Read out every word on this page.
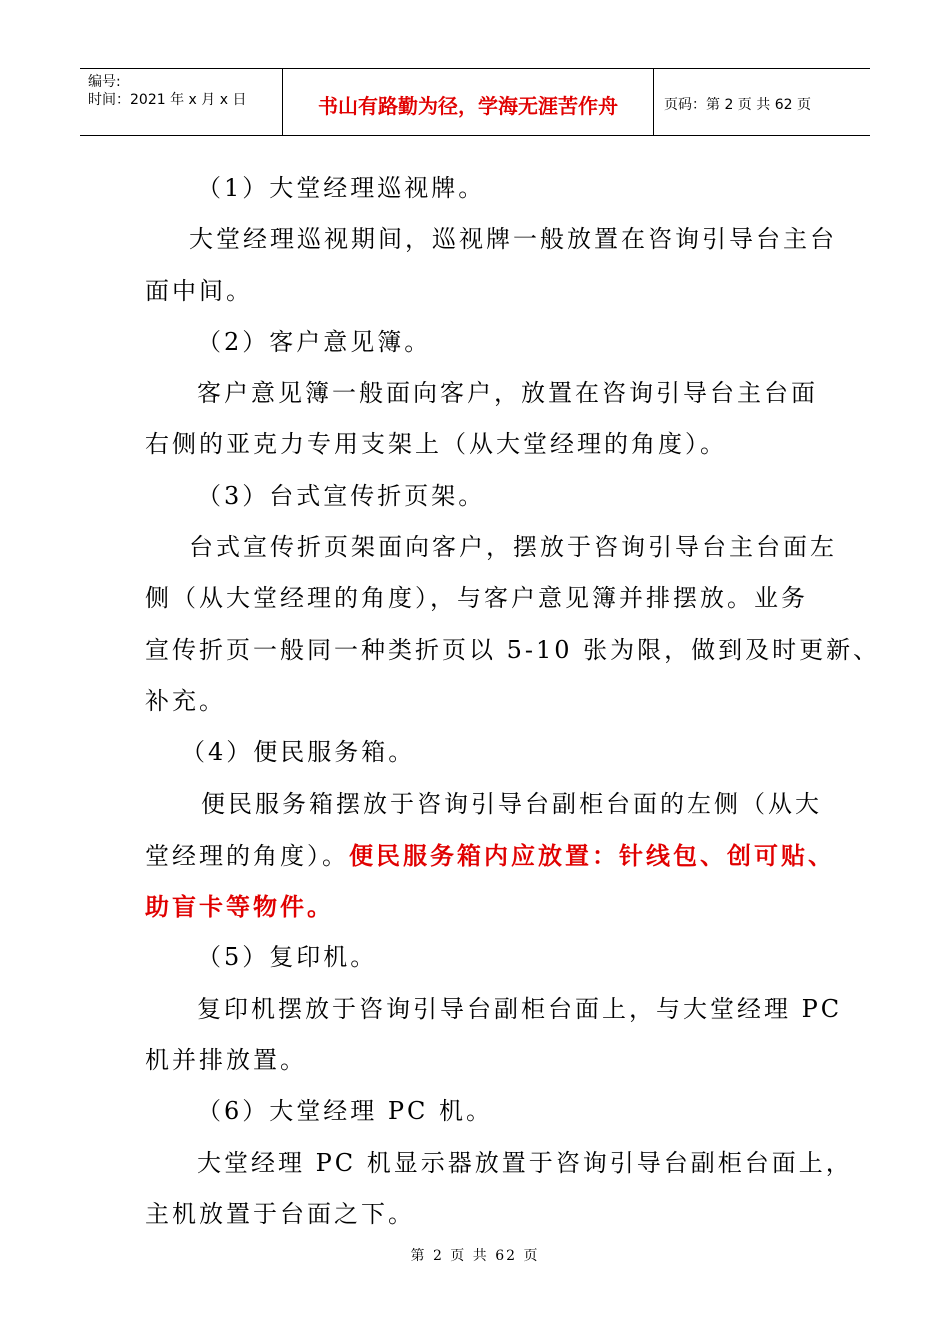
编号:
时间：2021 年 x 月 x 日	书山有路勤为径，学海无涯苦作舟	页码：第 2 页 共 62 页
（1）大堂经理巡视牌。
大堂经理巡视期间，巡视牌一般放置在咨询引导台主台
面中间。
（2）客户意见簿。
客户意见簿一般面向客户，放置在咨询引导台主台面
右侧的亚克力专用支架上（从大堂经理的角度）。
（3）台式宣传折页架。
台式宣传折页架面向客户，摆放于咨询引导台主台面左
侧（从大堂经理的角度），与客户意见簿并排摆放。业务
宣传折页一般同一种类折页以 5-10 张为限，做到及时更新、
补充。
（4）便民服务箱。
便民服务箱摆放于咨询引导台副柜台面的左侧（从大
堂经理的角度）。便民服务箱内应放置：针线包、创可贴、
助盲卡等物件。
（5）复印机。
复印机摆放于咨询引导台副柜台面上，与大堂经理 PC
机并排放置。
（6）大堂经理 PC 机。
大堂经理 PC 机显示器放置于咨询引导台副柜台面上，
主机放置于台面之下。
第 2 页 共 62 页
